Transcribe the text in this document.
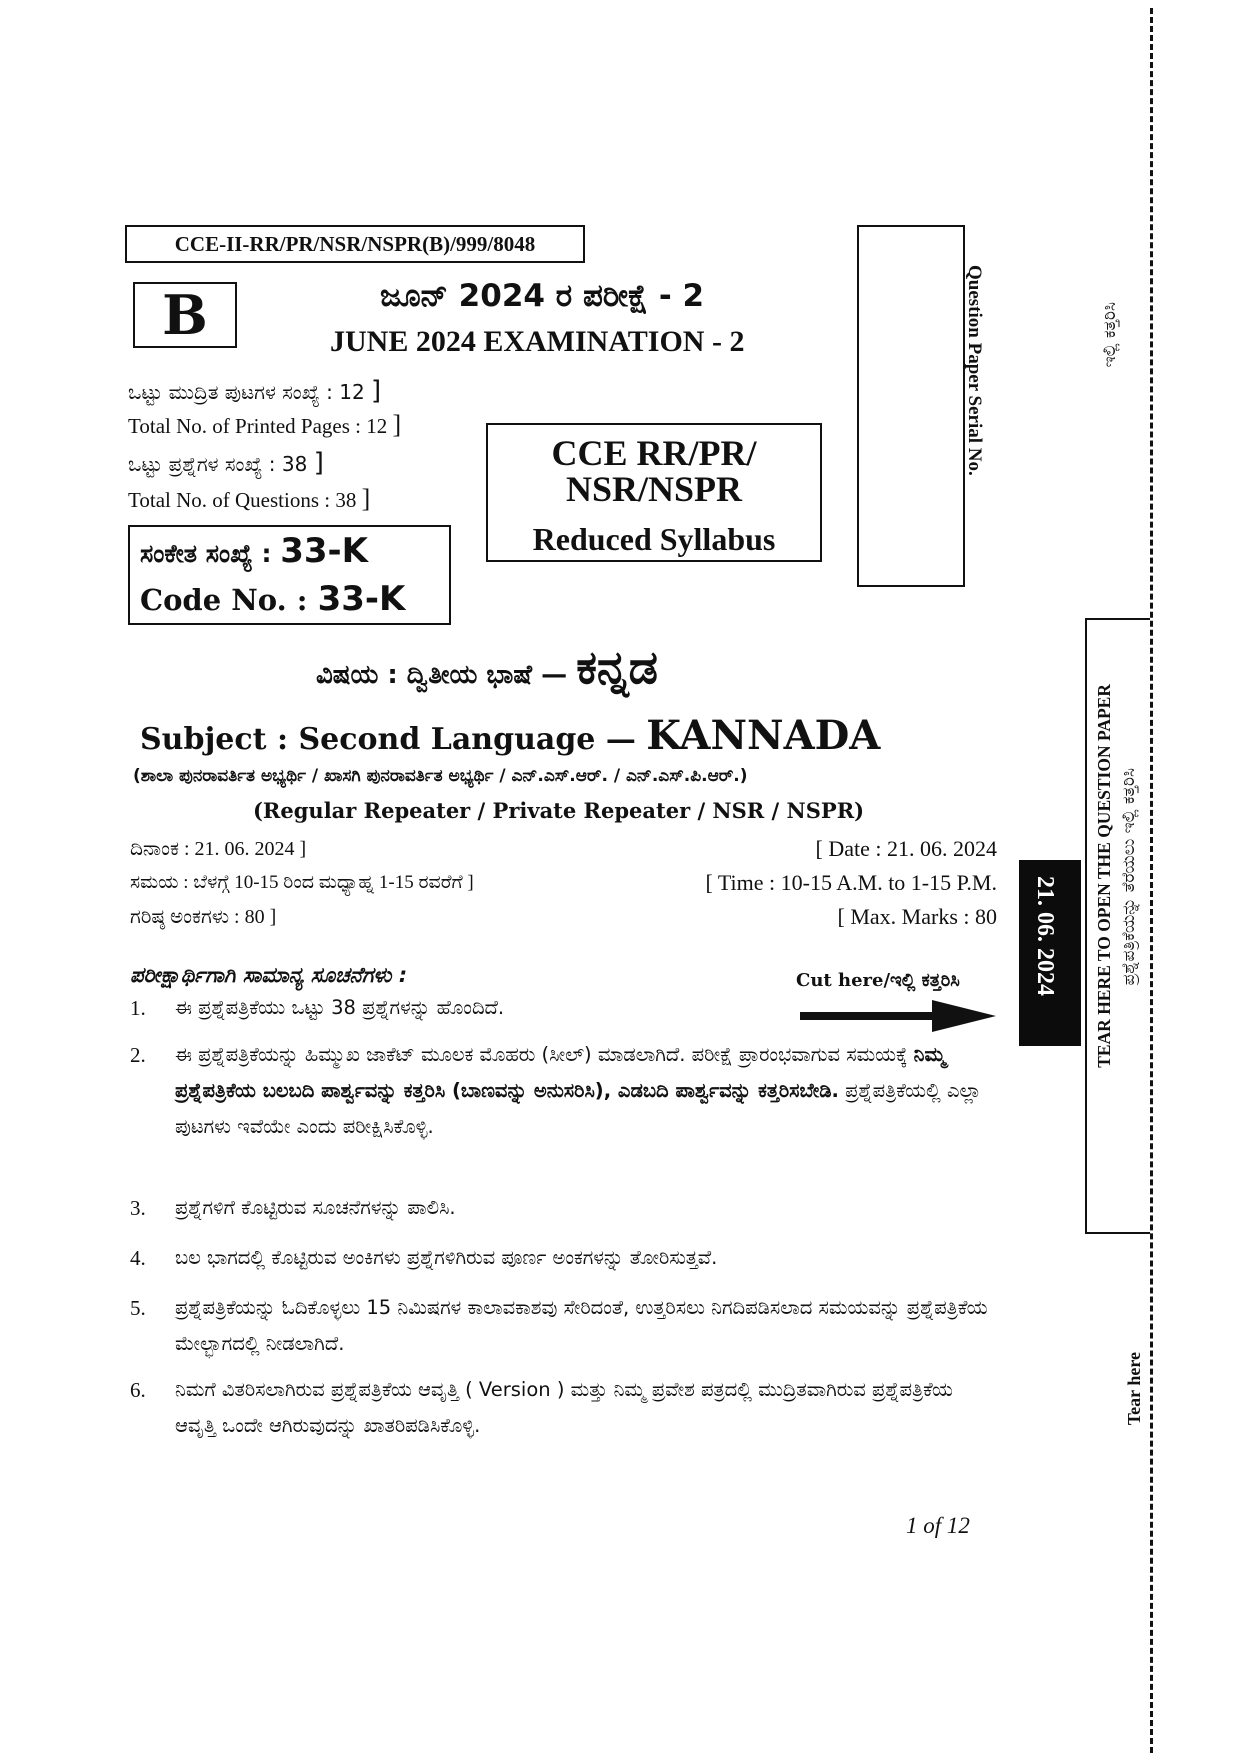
CCE-II-RR/PR/NSR/NSPR(B)/999/8048
B	ಜೂನ್ 2024 ರ ಪರೀಕ್ಷೆ - 2
JUNE 2024 EXAMINATION - 2
ಒಟ್ಟು ಮುದ್ರಿತ ಪುಟಗಳ ಸಂಖ್ಯೆ : 12 ]
Total No. of Printed Pages : 12 ]
ಒಟ್ಟು ಪ್ರಶ್ನೆಗಳ ಸಂಖ್ಯೆ : 38 ]
Total No. of Questions : 38 ]
CCE RR/PR/
NSR/NSPR
Reduced Syllabus
ಸಂಕೇತ ಸಂಖ್ಯೆ : 33-K
Code No. : 33-K
ವಿಷಯ : ದ್ವಿತೀಯ ಭಾಷೆ — ಕನ್ನಡ
Subject : Second Language — KANNADA
(ಶಾಲಾ ಪುನರಾವರ್ತಿತ ಅಭ್ಯರ್ಥಿ / ಖಾಸಗಿ ಪುನರಾವರ್ತಿತ ಅಭ್ಯರ್ಥಿ / ಎನ್.ಎಸ್.ಆರ್. / ಎನ್.ಎಸ್.ಪಿ.ಆರ್.)
(Regular Repeater / Private Repeater / NSR / NSPR)
ದಿನಾಂಕ : 21. 06. 2024 ]	[ Date : 21. 06. 2024
ಸಮಯ : ಬೆಳಗ್ಗೆ 10-15 ರಿಂದ ಮಧ್ಯಾಹ್ನ 1-15 ರವರೆಗೆ ]	[ Time : 10-15 A.M. to 1-15 P.M.
ಗರಿಷ್ಠ ಅಂಕಗಳು : 80 ]	[ Max. Marks : 80
ಪರೀಕ್ಷಾರ್ಥಿಗಾಗಿ ಸಾಮಾನ್ಯ ಸೂಚನೆಗಳು :	Cut here/ಇಲ್ಲಿ ಕತ್ತರಿಸಿ
1. ಈ ಪ್ರಶ್ನೆಪತ್ರಿಕೆಯು ಒಟ್ಟು 38 ಪ್ರಶ್ನೆಗಳನ್ನು ಹೊಂದಿದೆ.
2. ಈ ಪ್ರಶ್ನೆಪತ್ರಿಕೆಯನ್ನು ಹಿಮ್ಮುಖ ಜಾಕೆಟ್ ಮೂಲಕ ಮೊಹರು (ಸೀಲ್) ಮಾಡಲಾಗಿದೆ. ಪರೀಕ್ಷೆ ಪ್ರಾರಂಭವಾಗುವ ಸಮಯಕ್ಕೆ ನಿಮ್ಮ ಪ್ರಶ್ನೆಪತ್ರಿಕೆಯ ಬಲಬದಿ ಪಾರ್ಶ್ವವನ್ನು ಕತ್ತರಿಸಿ (ಬಾಣವನ್ನು ಅನುಸರಿಸಿ), ಎಡಬದಿ ಪಾರ್ಶ್ವವನ್ನು ಕತ್ತರಿಸಬೇಡಿ. ಪ್ರಶ್ನೆಪತ್ರಿಕೆಯಲ್ಲಿ ಎಲ್ಲಾ ಪುಟಗಳು ಇವೆಯೇ ಎಂದು ಪರೀಕ್ಷಿಸಿಕೊಳ್ಳಿ.
3. ಪ್ರಶ್ನೆಗಳಿಗೆ ಕೊಟ್ಟಿರುವ ಸೂಚನೆಗಳನ್ನು ಪಾಲಿಸಿ.
4. ಬಲ ಭಾಗದಲ್ಲಿ ಕೊಟ್ಟಿರುವ ಅಂಕಿಗಳು ಪ್ರಶ್ನೆಗಳಿಗಿರುವ ಪೂರ್ಣ ಅಂಕಗಳನ್ನು ತೋರಿಸುತ್ತವೆ.
5. ಪ್ರಶ್ನೆಪತ್ರಿಕೆಯನ್ನು ಓದಿಕೊಳ್ಳಲು 15 ನಿಮಿಷಗಳ ಕಾಲಾವಕಾಶವು ಸೇರಿದಂತೆ, ಉತ್ತರಿಸಲು ನಿಗದಿಪಡಿಸಲಾದ ಸಮಯವನ್ನು ಪ್ರಶ್ನೆಪತ್ರಿಕೆಯ ಮೇಲ್ಭಾಗದಲ್ಲಿ ನೀಡಲಾಗಿದೆ.
6. ನಿಮಗೆ ವಿತರಿಸಲಾಗಿರುವ ಪ್ರಶ್ನೆಪತ್ರಿಕೆಯ ಆವೃತ್ತಿ ( Version ) ಮತ್ತು ನಿಮ್ಮ ಪ್ರವೇಶ ಪತ್ರದಲ್ಲಿ ಮುದ್ರಿತವಾಗಿರುವ ಪ್ರಶ್ನೆಪತ್ರಿಕೆಯ ಆವೃತ್ತಿ ಒಂದೇ ಆಗಿರುವುದನ್ನು ಖಾತರಿಪಡಿಸಿಕೊಳ್ಳಿ.
1 of 12
Question Paper Serial No.	ಇಲ್ಲಿ ಕತ್ತರಿಸಿ
TEAR HERE TO OPEN THE QUESTION PAPER ಪ್ರಶ್ನೆಪತ್ರಿಕೆಯನ್ನು ತೆರೆಯಲು ಇಲ್ಲಿ ಕತ್ತರಿಸಿ
21. 06. 2024
Tear here
